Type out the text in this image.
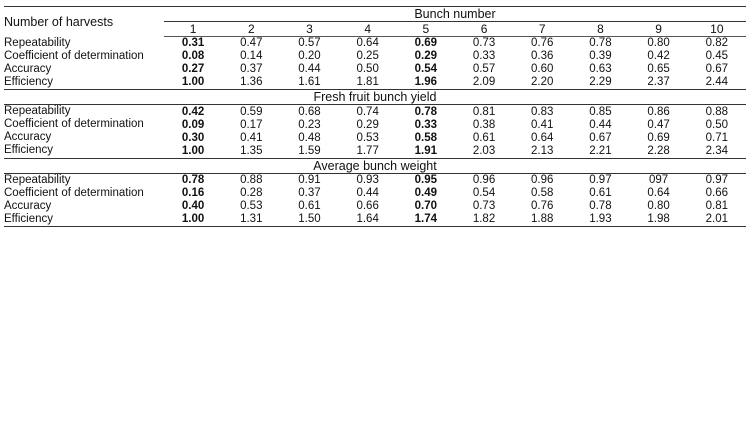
Number of harvests	Bunch number									
	1	2	3	4	5	6	7	8	9	10
Repeatability	0.31	0.47	0.57	0.64	0.69	0.73	0.76	0.78	0.80	0.82
Coefficient of determination	0.08	0.14	0.20	0.25	0.29	0.33	0.36	0.39	0.42	0.45
Accuracy	0.27	0.37	0.44	0.50	0.54	0.57	0.60	0.63	0.65	0.67
Efficiency	1.00	1.36	1.61	1.81	1.96	2.09	2.20	2.29	2.37	2.44
Fresh fruit bunch yield										
Repeatability	0.42	0.59	0.68	0.74	0.78	0.81	0.83	0.85	0.86	0.88
Coefficient of determination	0.09	0.17	0.23	0.29	0.33	0.38	0.41	0.44	0.47	0.50
Accuracy	0.30	0.41	0.48	0.53	0.58	0.61	0.64	0.67	0.69	0.71
Efficiency	1.00	1.35	1.59	1.77	1.91	2.03	2.13	2.21	2.28	2.34
Average bunch weight										
Repeatability	0.78	0.88	0.91	0.93	0.95	0.96	0.96	0.97	097	0.97
Coefficient of determination	0.16	0.28	0.37	0.44	0.49	0.54	0.58	0.61	0.64	0.66
Accuracy	0.40	0.53	0.61	0.66	0.70	0.73	0.76	0.78	0.80	0.81
Efficiency	1.00	1.31	1.50	1.64	1.74	1.82	1.88	1.93	1.98	2.01
